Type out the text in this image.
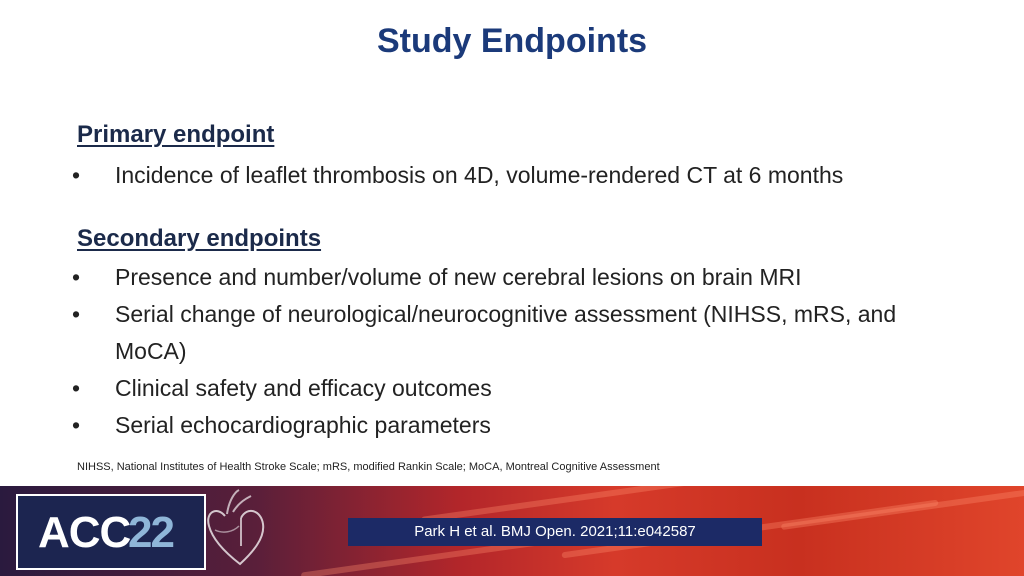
Study Endpoints
Primary endpoint
•	Incidence of leaflet thrombosis on 4D, volume-rendered CT at 6 months
Secondary endpoints
•	Presence and number/volume of new cerebral lesions on brain MRI
•	Serial change of neurological/neurocognitive assessment (NIHSS, mRS, and MoCA)
•	Clinical safety and efficacy outcomes
•	Serial echocardiographic parameters
NIHSS, National Institutes of Health Stroke Scale; mRS, modified Rankin Scale; MoCA, Montreal Cognitive Assessment
ACC
22	Park H et al. BMJ Open. 2021;11:e042587
